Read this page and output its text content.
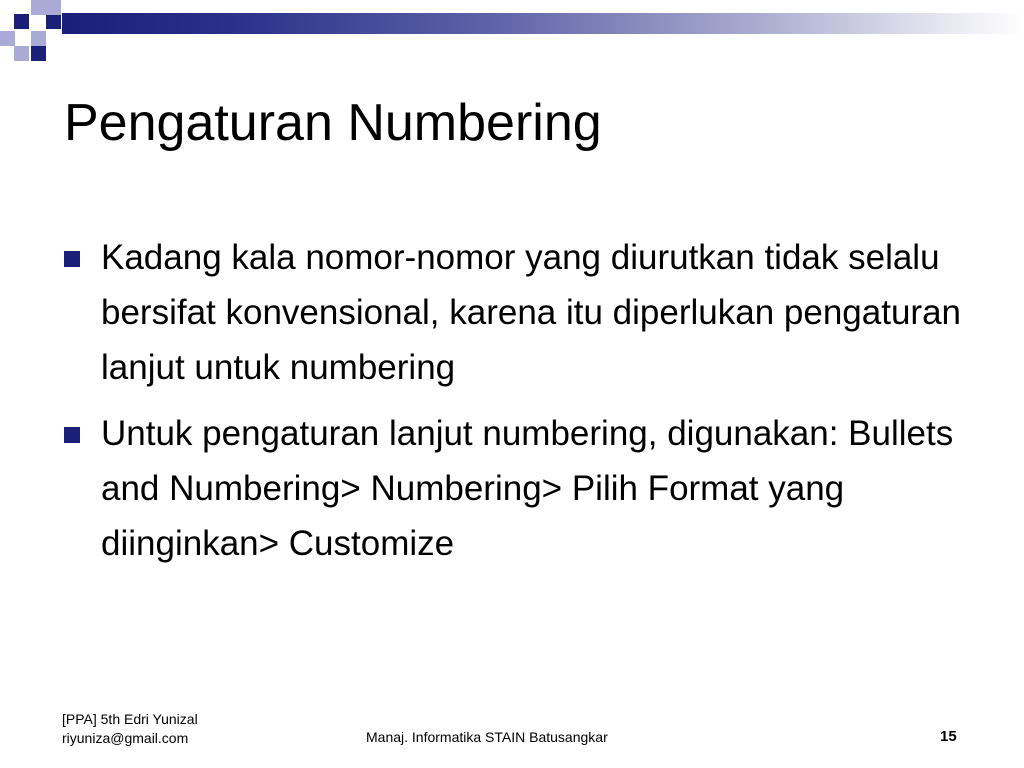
Pengaturan Numbering
Kadang kala nomor-nomor yang diurutkan tidak selalu bersifat konvensional, karena itu diperlukan pengaturan lanjut untuk numbering
Untuk pengaturan lanjut numbering, digunakan: Bullets and Numbering> Numbering> Pilih Format yang diinginkan> Customize
[PPA] 5th Edri Yunizal
riyuniza@gmail.com	Manaj. Informatika STAIN Batusangkar	15
